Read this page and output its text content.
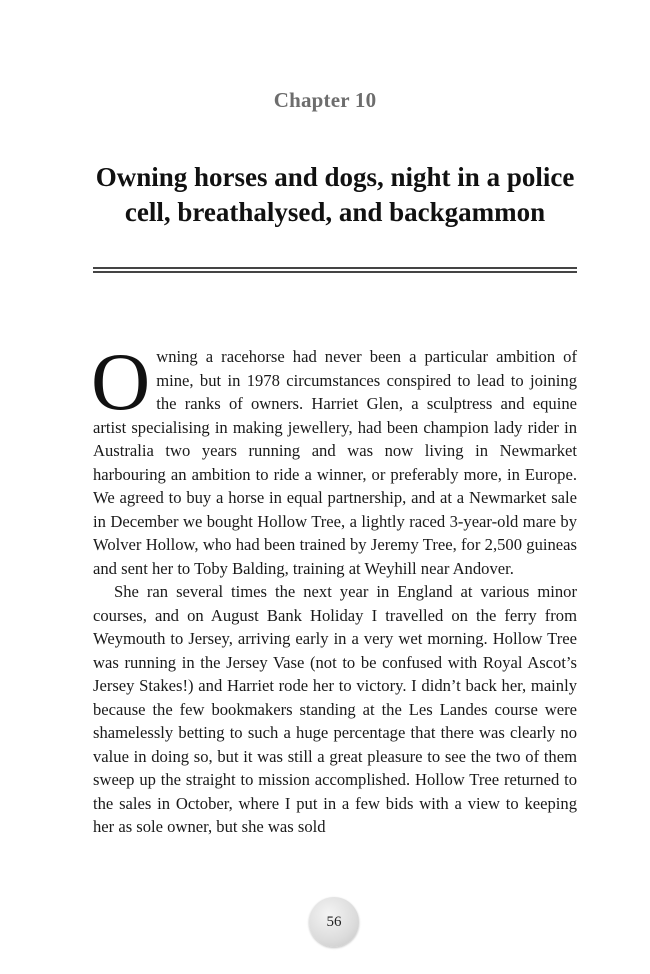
Chapter 10
Owning horses and dogs, night in a police cell, breathalysed, and backgammon

Owning a racehorse had never been a particular ambition of mine, but in 1978 circumstances conspired to lead to joining the ranks of owners. Harriet Glen, a sculptress and equine artist specialising in making jewellery, had been champion lady rider in Australia two years running and was now living in Newmarket harbouring an ambition to ride a winner, or preferably more, in Europe. We agreed to buy a horse in equal partnership, and at a Newmarket sale in December we bought Hollow Tree, a lightly raced 3-year-old mare by Wolver Hollow, who had been trained by Jeremy Tree, for 2,500 guineas and sent her to Toby Balding, training at Weyhill near Andover.

She ran several times the next year in England at various minor courses, and on August Bank Holiday I travelled on the ferry from Weymouth to Jersey, arriving early in a very wet morning. Hollow Tree was running in the Jersey Vase (not to be confused with Royal Ascot’s Jersey Stakes!) and Harriet rode her to victory. I didn’t back her, mainly because the few bookmakers standing at the Les Landes course were shamelessly betting to such a huge percentage that there was clearly no value in doing so, but it was still a great pleasure to see the two of them sweep up the straight to mission accomplished. Hollow Tree returned to the sales in October, where I put in a few bids with a view to keeping her as sole owner, but she was sold

56
